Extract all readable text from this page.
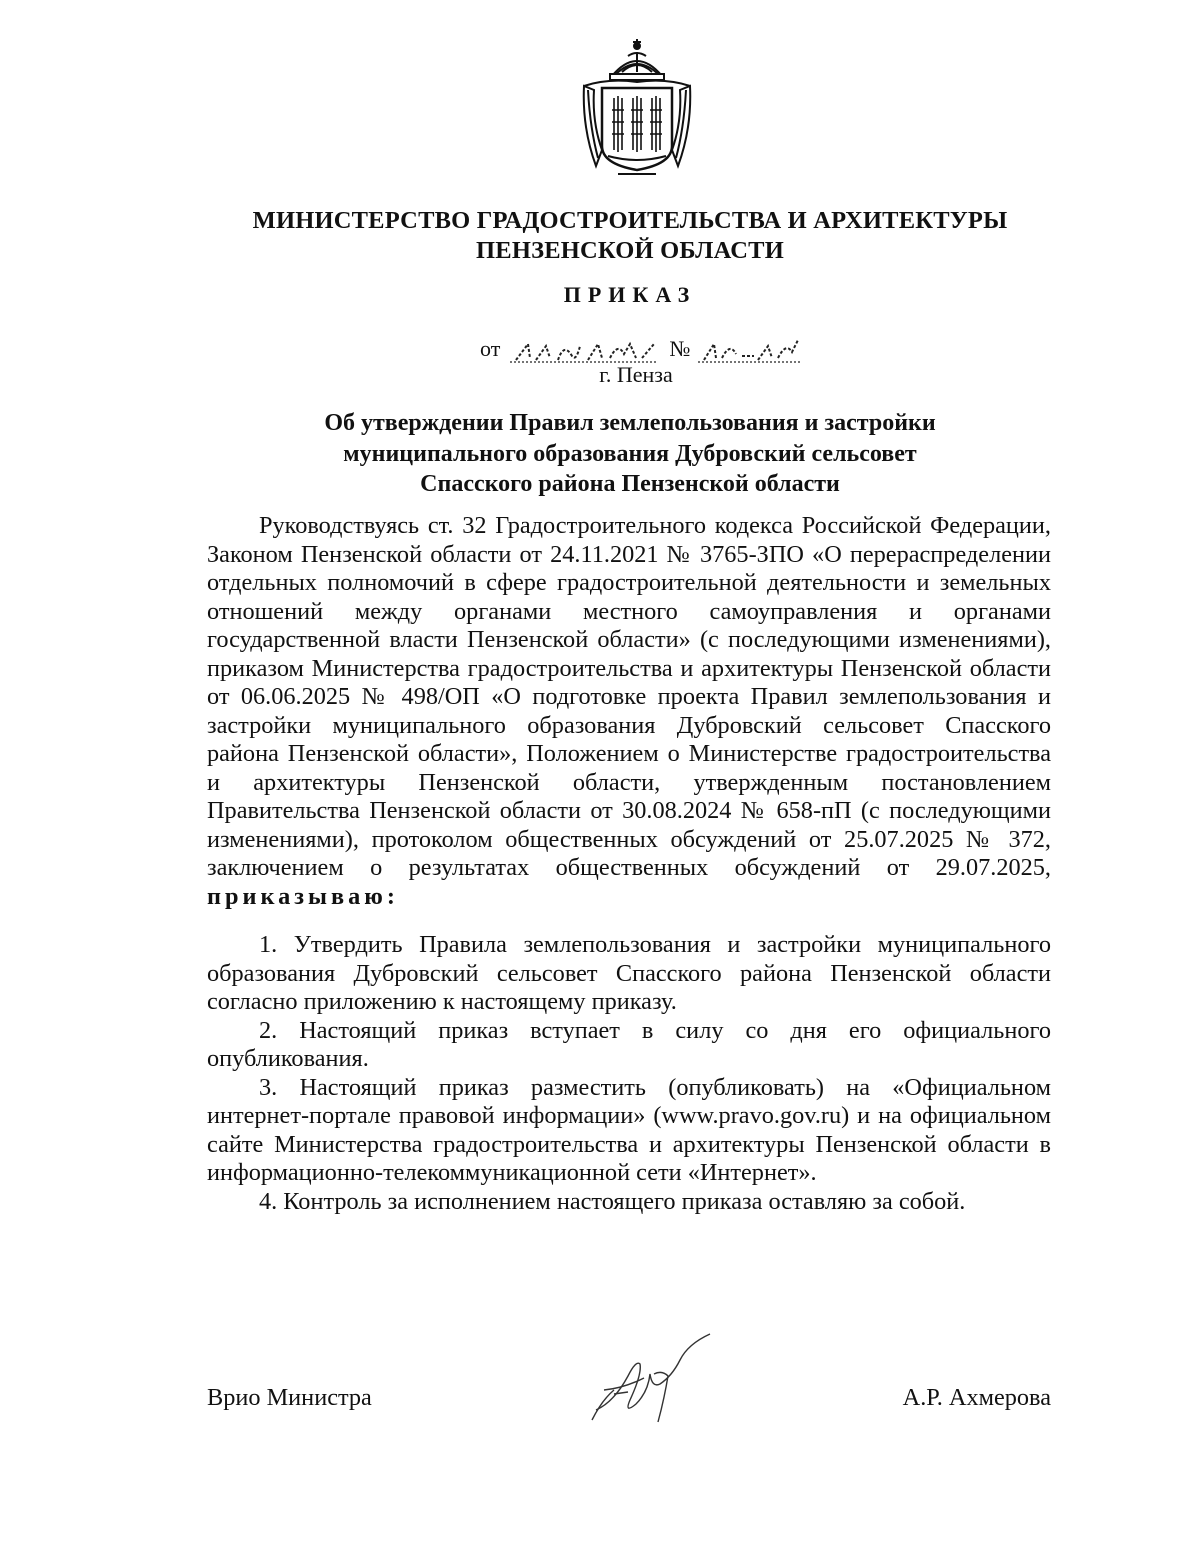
МИНИСТЕРСТВО ГРАДОСТРОИТЕЛЬСТВА И АРХИТЕКТУРЫ
ПЕНЗЕНСКОЙ ОБЛАСТИ
ПРИКАЗ
от	№
г. Пенза
Об утверждении Правил землепользования и застройки
муниципального образования Дубровский сельсовет
Спасского района Пензенской области

Руководствуясь ст. 32 Градостроительного кодекса Российской Федерации, Законом Пензенской области от 24.11.2021 № 3765-ЗПО «О перераспределении отдельных полномочий в сфере градостроительной деятельности и земельных отношений между органами местного самоуправления и органами государственной власти Пензенской области» (с последующими изменениями), приказом Министерства градостроительства и архитектуры Пензенской области от 06.06.2025 № 498/ОП «О подготовке проекта Правил землепользования и застройки муниципального образования Дубровский сельсовет Спасского района Пензенской области», Положением о Министерстве градостроительства и архитектуры Пензенской области, утвержденным постановлением Правительства Пензенской области от 30.08.2024 № 658-пП (с последующими изменениями), протоколом общественных обсуждений от 25.07.2025 № 372, заключением о результатах общественных обсуждений от 29.07.2025, приказываю:

1. Утвердить Правила землепользования и застройки муниципального образования Дубровский сельсовет Спасского района Пензенской области согласно приложению к настоящему приказу.

2. Настоящий приказ вступает в силу со дня его официального опубликования.

3. Настоящий приказ разместить (опубликовать) на «Официальном интернет-портале правовой информации» (www.pravo.gov.ru) и на официальном сайте Министерства градостроительства и архитектуры Пензенской области в информационно-телекоммуникационной сети «Интернет».

4. Контроль за исполнением настоящего приказа оставляю за собой.

Врио Министра	А.Р. Ахмерова
